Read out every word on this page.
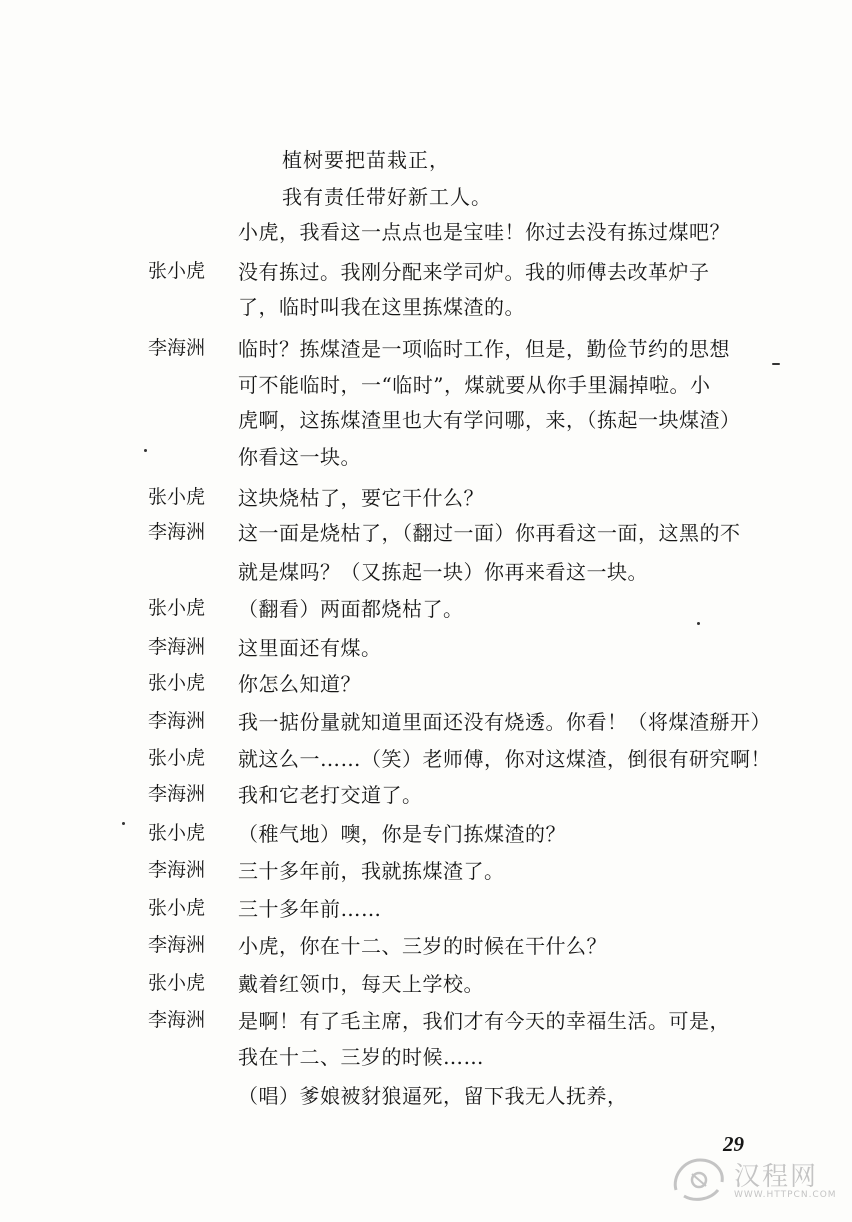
植树要把苗栽正，
我有责任带好新工人。
小虎，我看这一点点也是宝哇！你过去没有拣过煤吧？
张小虎	没有拣过。我刚分配来学司炉。我的师傅去改革炉子
了，临时叫我在这里拣煤渣的。
李海洲	临时？拣煤渣是一项临时工作，但是，勤俭节约的思想
可不能临时，一“临时”，煤就要从你手里漏掉啦。小
虎啊，这拣煤渣里也大有学问哪，来，（拣起一块煤渣）
你看这一块。
张小虎	这块烧枯了，要它干什么？
李海洲	这一面是烧枯了，（翻过一面）你再看这一面，这黑的不
就是煤吗？（又拣起一块）你再来看这一块。
张小虎	（翻看）两面都烧枯了。
李海洲	这里面还有煤。
张小虎	你怎么知道？
李海洲	我一掂份量就知道里面还没有烧透。你看！（将煤渣掰开）
张小虎	就这么一……（笑）老师傅，你对这煤渣，倒很有研究啊！
李海洲	我和它老打交道了。
张小虎	（稚气地）噢，你是专门拣煤渣的？
李海洲	三十多年前，我就拣煤渣了。
张小虎	三十多年前……
李海洲	小虎，你在十二、三岁的时候在干什么？
张小虎	戴着红领巾，每天上学校。
李海洲	是啊！有了毛主席，我们才有今天的幸福生活。可是，
我在十二、三岁的时候……
（唱）爹娘被豺狼逼死，留下我无人抚养，
29
汉程网
WWW.HTTPCN.COM
